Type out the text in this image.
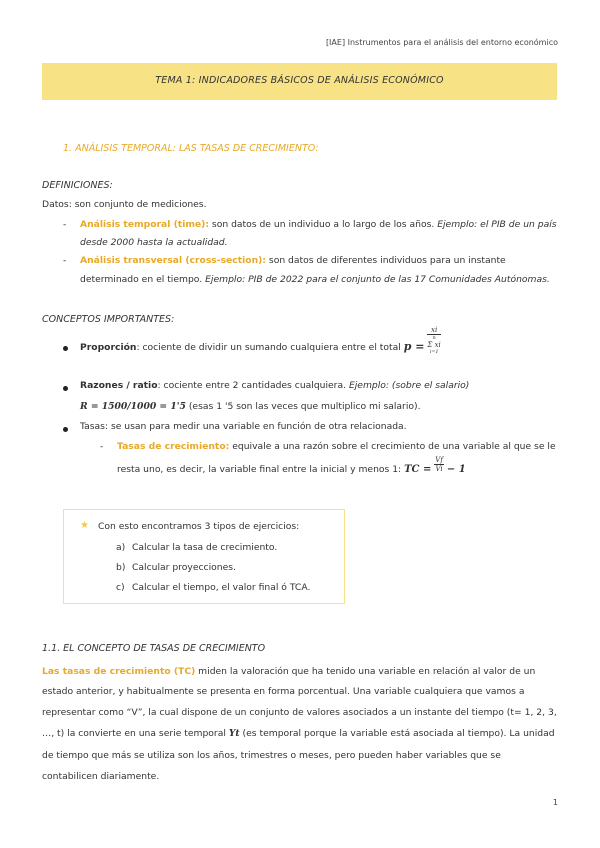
[IAE] Instrumentos para el análisis del entorno económico
TEMA 1: INDICADORES BÁSICOS DE ANÁLISIS ECONÓMICO
1. ANÁLISIS TEMPORAL: LAS TASAS DE CRECIMIENTO:
DEFINICIONES:
Datos: son conjunto de mediciones.
- Análisis temporal (time): son datos de un individuo a lo largo de los años. Ejemplo: el PIB de un país
desde 2000 hasta la actualidad.
- Análisis transversal (cross-section): son datos de diferentes individuos para un instante
determinado en el tiempo. Ejemplo: PIB de 2022 para el conjunto de las 17 Comunidades Autónomas.
CONCEPTOS IMPORTANTES:
Proporción: cociente de dividir un sumando cualquiera entre el total p =
xi
n
Σ xi
i=1
Razones / ratio: cociente entre 2 cantidades cualquiera. Ejemplo: (sobre el salario)
R = 1500/1000 = 1'5 (esas 1 '5 son las veces que multiplico mi salario).
Tasas: se usan para medir una variable en función de otra relacionada.
- Tasas de crecimiento: equivale a una razón sobre el crecimiento de una variable al que se le
resta uno, es decir, la variable final entre la inicial y menos 1: TC = $\frac{Vf}{Vi} - 1$
★ Con esto encontramos 3 tipos de ejercicios:
a) Calcular la tasa de crecimiento.
b) Calcular proyecciones.
c) Calcular el tiempo, el valor final ó TCA.
1.1. EL CONCEPTO DE TASAS DE CRECIMIENTO
Las tasas de crecimiento (TC) miden la valoración que ha tenido una variable en relación al valor de un
estado anterior, y habitualmente se presenta en forma porcentual. Una variable cualquiera que vamos a
representar como “V”, la cual dispone de un conjunto de valores asociados a un instante del tiempo (t= 1, 2, 3,
…, t) la convierte en una serie temporal Yt (es temporal porque la variable está asociada al tiempo). La unidad
de tiempo que más se utiliza son los años, trimestres o meses, pero pueden haber variables que se
contabilicen diariamente.
1
